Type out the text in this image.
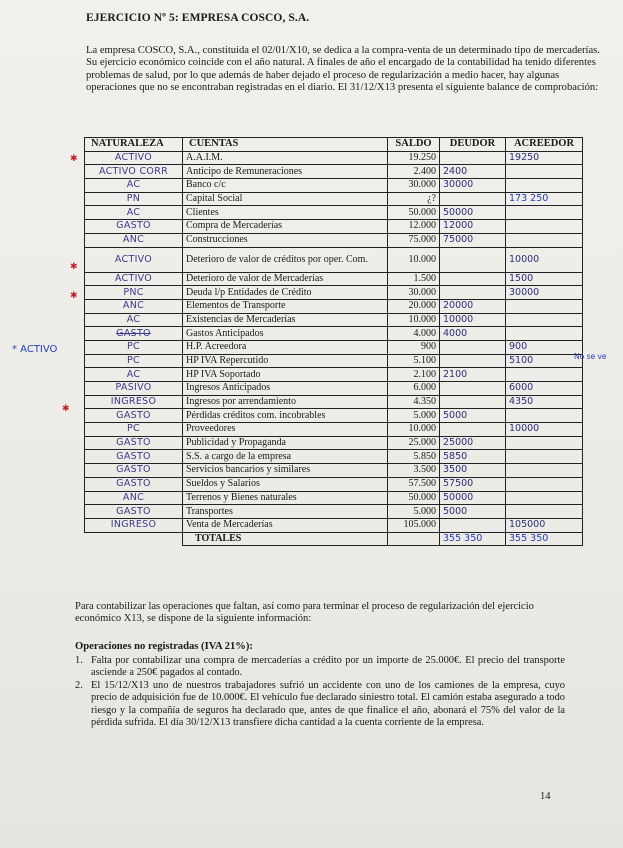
EJERCICIO Nº 5: EMPRESA COSCO, S.A.
La empresa COSCO, S.A., constituida el 02/01/X10, se dedica a la compra-venta de un determinado tipo de mercaderías. Su ejercicio económico coincide con el año natural. A finales de año el encargado de la contabilidad ha tenido diferentes problemas de salud, por lo que además de haber dejado el proceso de regularización a medio hacer, hay algunas operaciones que no se encontraban registradas en el diario. El 31/12/X13 presenta el siguiente balance de comprobación:
NATURALEZA	CUENTAS	SALDO	DEUDOR	ACREEDOR
ACTIVO	A.A.I.M.	19.250		19250
ACTIVO CORR	Anticipo de Remuneraciones	2.400	2400	
AC	Banco c/c	30.000	30000	
PN	Capital Social	¿?		173 250
AC	Clientes	50.000	50000	
GASTO	Compra de Mercaderías	12.000	12000	
ANC	Construcciones	75.000	75000	
ACTIVO	Deterioro de valor de créditos por oper. Com.	10.000		10000
ACTIVO	Deterioro de valor de Mercaderías	1.500		1500
PNC	Deuda l/p Entidades de Crédito	30.000		30000
ANC	Elementos de Transporte	20.000	20000	
AC	Existencias de Mercaderías	10.000	10000	
GASTO	Gastos Anticipados	4.000	4000	
PC	H.P. Acreedora	900		900
PC	HP IVA Repercutido	5.100		5100
AC	HP IVA Soportado	2.100	2100	
PASIVO	Ingresos Anticipados	6.000		6000
INGRESO	Ingresos por arrendamiento	4.350		4350
GASTO	Pérdidas créditos com. incobrables	5.000	5000	
PC	Proveedores	10.000		10000
GASTO	Publicidad y Propaganda	25.000	25000	
GASTO	S.S. a cargo de la empresa	5.850	5850	
GASTO	Servicios bancarios y similares	3.500	3500	
GASTO	Sueldos y Salarios	57.500	57500	
ANC	Terrenos y Bienes naturales	50.000	50000	
GASTO	Transportes	5.000	5000	
INGRESO	Venta de Mercaderías	105.000		105000
	TOTALES		355 350	355 350
✱
✱
✱
✱
* ACTIVO
No se ve
Para contabilizar las operaciones que faltan, así como para terminar el proceso de regularización del ejercicio económico X13, se dispone de la siguiente información:
Operaciones no registradas (IVA 21%):
1. Falta por contabilizar una compra de mercaderías a crédito por un importe de 25.000€. El precio del transporte asciende a 250€ pagados al contado.
2. El 15/12/X13 uno de nuestros trabajadores sufrió un accidente con uno de los camiones de la empresa, cuyo precio de adquisición fue de 10.000€. El vehículo fue declarado siniestro total. El camión estaba asegurado a todo riesgo y la compañía de seguros ha declarado que, antes de que finalice el año, abonará el 75% del valor de la pérdida sufrida. El día 30/12/X13 transfiere dicha cantidad a la cuenta corriente de la empresa.
14
